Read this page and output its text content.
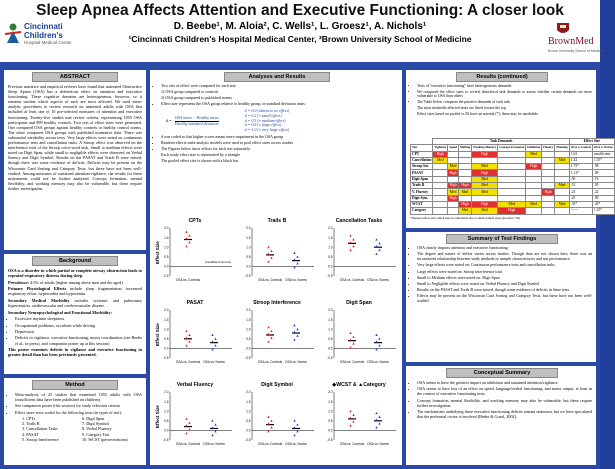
Sleep Apnea Affects Attention and Executive Functioning: A closer look
D. Beebe¹, M. Aloia², C. Wells¹, L. Groesz¹, A. Nichols¹
¹Cincinnati Children's Hospital Medical Center, ²Brown University School of Medicine
Cincinnati
Children's
Hospital Medical Center	BrownMed
Brown University School of Medicine
ABSTRACT
Previous narrative and empirical reviews have found that untreated Obstructive Sleep Apnea (OSA) has a deleterious effect on attention and executive functioning. These cognitive domains are heterogeneous, however, so it remains unclear which aspects of each are most affected. We used meta-analytic procedures to review research on untreated adults with OSA that included at least one of 10 pre-selected measures of attention and executive functioning. Twenty-five studies met review criteria, representing 1055 OSA participants and 899 healthy controls. Two sets of effect sizes were generated. One compared OSA groups against healthy controls or healthy control norms. The other compared OSA groups with published normative data. There was substantial variability across tests. Very large effects were noted on continuous performance tests and cancellation tasks. A Stroop effect was observed on the interference trial of the Stroop color-word task. Small to medium effects were noted on Digit Span, while small to negligible effects were observed on Verbal fluency and Digit Symbol. Results on the PASAT and Trails B were mixed, though there was some evidence of deficits. Deficits may be present on the Wisconsin Card Sorting and Category Tests, but these have not been well-studied. Among measures of sustained attention/vigilance, the results for these instruments could not be further analyzed. Concept formation, mental flexibility, and working memory may also be vulnerable, but these require further investigation.
Background

OSA is a disorder in which partial or complete airway obstruction leads to repeated respiratory distress during sleep.

Prevalence: 4-5% of adults (higher among obese men and the aged)

Primary Physiological Effects include sleep fragmentation, increased respiratory effort, hypercarbia and hypoxemia.

Secondary Medical Morbidity includes systemic and pulmonary hypertension, cardiovascular and cerebrovascular disease.

Secondary Neuropsychological and Functional Morbidity:

• Excessive daytime sleepiness
• Occupational problems, accidents while driving
• Depression
• Deficits in vigilance, executive functioning, motor coordination (see Beebe et al., in press), and companion poster up at this session)

This poster examines deficits in vigilance and executive functioning in greater detail than has been previously presented.

Method
• Meta-analysis of 25 studies that examined 1055 adults with OSA (insufficient data have been published on children)
• See companion poster (this session) for study selection criteria
• Effect sizes were coded for the following tests (in types of test):
1. CPTs
2. Trails B
3. Cancellation Tasks
4. PASAT
5. Stroop Interference
6. Digit Span
7. Digit Symbol
8. Verbal Fluency
9. Category Test
10. WCST (perseverations)
Analyses and Results
• Two sets of effect were computed for each test:
1) OSA group compared to controls
2) OSA group compared to published norms
• Effect size represents the OSA group relative to healthy group, in standard deviation units:
d =
OSA mean − Healthy mean
Healthy standard deviation
d = 0.0 (absent to no effect)
d = 0.2 (≈ small effect)
d = 0.5 (≈ medium effect)
d = 0.8 (≈ large effect)
d = 1.0 (≈ very large effect)
• d was coded so that higher scores meant more impairment in the OSA group
• Random-effects meta-analytic models were used to pool effect sizes across studies
• The Figures below show effects for each test separately:
Each study effect size is represented by a triangle
The pooled effect size is shown with a black bar
CPTs
2.0
1.5
1.0
0.5
0.0
-0.5
OSA vs. Controls
(Insufficient Norms)
Effect Size
Trails B
2.0
1.5
1.0
0.5
0.0
-0.5
OSA vs. Controls OSA vs. Norms
Cancellation Tasks
2.0
1.5
1.0
0.5
0.0
-0.5
OSA vs. Controls OSA vs. Norms
PASAT
2.0
1.5
1.0
0.5
0.0
-0.5
OSA vs. Controls OSA vs. Norms
Effect Size
Stroop Interference
2.0
1.5
1.0
0.5
0.0
-0.5
OSA vs. Controls OSA vs. Norms
Digit Span
2.0
1.5
1.0
0.5
0.0
-0.5
OSA vs. Controls OSA vs. Norms
Verbal Fluency
2.0
1.5
1.0
0.5
0.0
-0.5
OSA vs. Controls OSA vs. Norms
Effect Size
Digit Symbol
2.0
1.5
1.0
0.5
0.0
-0.5
OSA vs. Controls OSA vs. Norms
◆WCST & ▲Category
2.0
1.5
1.0
0.5
0.0
-0.5
OSA vs. Controls OSA vs. Norms
Results (continued)
• Tests of "executive functioning" have heterogeneous demands
• We compared the effect sizes to several theoretical task demands to assess whether certain demands are more vulnerable to OSA than others
• The Table below compares the putative demands of each task
The most markedly affected tasks are listed toward the top
Effect sizes based on pooled vs 50 have an asterisk (*); these may be unreliable
	Task Demands								Effect Size	
Test	Vigilance	Speed	Shifting	Working Memory	Concept Formation	Inhibition	Fluency	Planning	OSA vs Control	OSA vs Norms
CPT	High			High		Med			1.63	insufficient
Cancellation	Med							Med	1.42	1.55*
Stroop Int.		Med		Med		High			1.75*	.98
PASAT		High		High					1.13*	.09
Digit Span				Med					.50	.16
Trails B		High	High	Med				Med	.51	.05
V. Fluency		Med	Med	Med			High		.25	.22
Digit Sym.		High							.25	.09
WCST			High	High	Med	Med		Med	.35*	.43*
Category			Med	Med	High				------	1.25*
*Denotes effect size which may be unreliable due to small sample sizes (pooled n<50)
Summary of Test Findings
• OSA clearly impacts attention and executive functioning.
• The degree and nature of deficit varies across studies. Though data are not shown here, there was an inconsistent relationship between study methods or sample characteristics and test performance.
• Very large effects were noted on: Continuous performance tests and cancellation tasks
• Large effects were noted on: Stroop interference trial
• Small to Medium effects were noted on: Digit Span
• Small to Negligible effects were noted on: Verbal Fluency and Digit Symbol
• Results on the PASAT and Trails B were mixed, though some evidence of deficits in these tests.
• Effects may be present on the Wisconsin Card Sorting and Category Tests, but these have not been well-studied
Conceptual Summary
• OSA seems to have the greatest impact on inhibition and sustained attention/vigilance
• OSA seems to have less of an effect on speed, language/verbal functioning, and motor output, at least in the context of executive functioning tests.
• Concept formation, mental flexibility, and working memory may also be vulnerable, but these require further investigation.
• The mechanisms underlying these executive functioning deficits remain unknown, but we have speculated that the prefrontal cortex is involved (Beebe & Gozal, 2002).
